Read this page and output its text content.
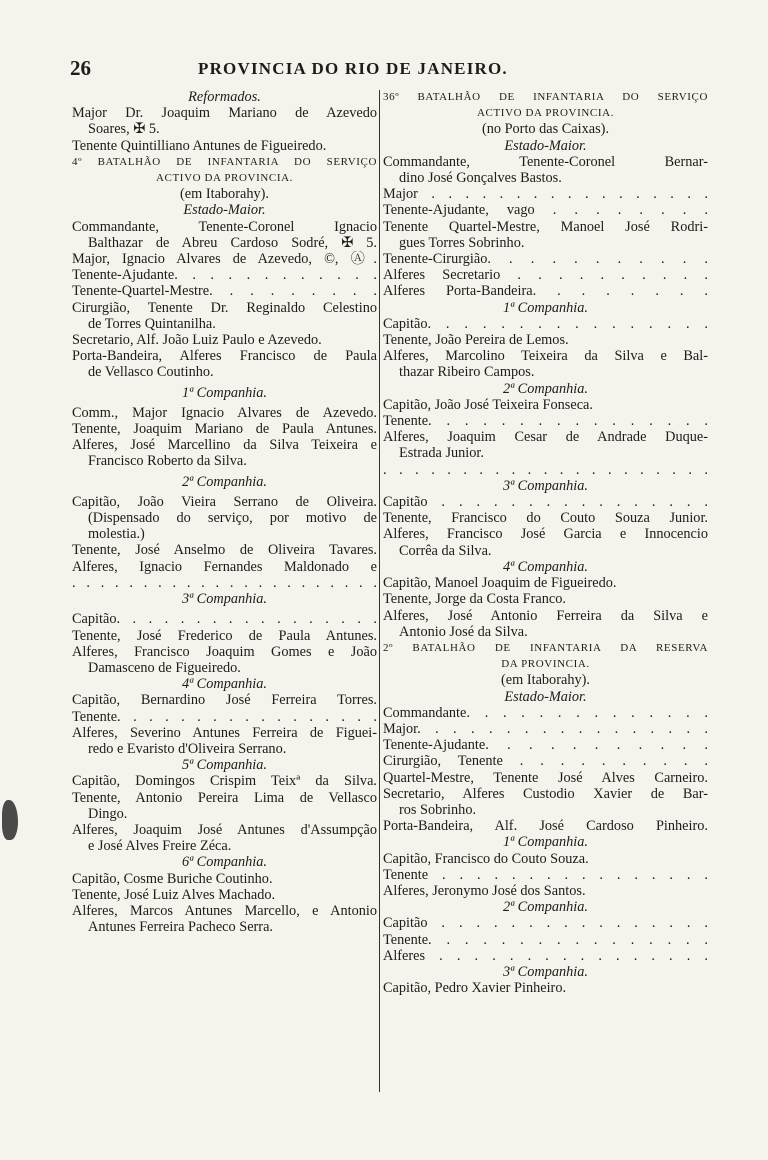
26	PROVINCIA DO RIO DE JANEIRO.
Reformados.
Major Dr. Joaquim Mariano de Azevedo
Soares, ✠ 5.
Tenente Quintilliano Antunes de Figueiredo.
4º BATALHÃO DE INFANTARIA DO SERVIÇO
ACTIVO DA PROVINCIA.
(em Itaborahy).
Estado-Maior.
Commandante, Tenente-Coronel Ignacio
Balthazar de Abreu Cardoso Sodré, ✠ 5.
Major, Ignacio Alvares de Azevedo, ©, Ⓐ.
Tenente-Ajudante. . . . . . . . . . . .
Tenente-Quartel-Mestre. . . . . . . . .
Cirurgião, Tenente Dr. Reginaldo Celestino
de Torres Quintanilha.
Secretario, Alf. João Luiz Paulo e Azevedo.
Porta-Bandeira, Alferes Francisco de Paula
de Vellasco Coutinho.
1ª Companhia.
Comm., Major Ignacio Alvares de Azevedo.
Tenente, Joaquim Mariano de Paula Antunes.
Alferes, José Marcellino da Silva Teixeira e
Francisco Roberto da Silva.
2ª Companhia.
Capitão, João Vieira Serrano de Oliveira.
(Dispensado do serviço, por motivo de
molestia.)
Tenente, José Anselmo de Oliveira Tavares.
Alferes, Ignacio Fernandes Maldonado e
. . . . . . . . . . . . . . . . . . . . . .
3ª Companhia.
Capitão. . . . . . . . . . . . . . . . .
Tenente, José Frederico de Paula Antunes.
Alferes, Francisco Joaquim Gomes e João
Damasceno de Figueiredo.
4ª Companhia.
Capitão, Bernardino José Ferreira Torres.
Tenente. . . . . . . . . . . . . . . . .
Alferes, Severino Antunes Ferreira de Figuei-
redo e Evaristo d'Oliveira Serrano.
5ª Companhia.
Capitão, Domingos Crispim Teixª da Silva.
Tenente, Antonio Pereira Lima de Vellasco
Dingo.
Alferes, Joaquim José Antunes d'Assumpção
e José Alves Freire Zéca.
6ª Companhia.
Capitão, Cosme Buriche Coutinho.
Tenente, José Luiz Alves Machado.
Alferes, Marcos Antunes Marcello, e Antonio
Antunes Ferreira Pacheco Serra.
36º BATALHÃO DE INFANTARIA DO SERVIÇO
ACTIVO DA PROVINCIA.
(no Porto das Caixas).
Estado-Maior.
Commandante, Tenente-Coronel Bernar-
dino José Gonçalves Bastos.
Major . . . . . . . . . . . . . . . . .
Tenente-Ajudante, vago . . . . . . . .
Tenente Quartel-Mestre, Manoel José Rodri-
gues Torres Sobrinho.
Tenente-Cirurgião. . . . . . . . . . .
Alferes Secretario . . . . . . . . . .
Alferes Porta-Bandeira. . . . . . . .
1ª Companhia.
Capitão. . . . . . . . . . . . . . . .
Tenente, João Pereira de Lemos.
Alferes, Marcolino Teixeira da Silva e Bal-
thazar Ribeiro Campos.
2ª Companhia.
Capitão, João José Teixeira Fonseca.
Tenente. . . . . . . . . . . . . . . .
Alferes, Joaquim Cesar de Andrade Duque-
Estrada Junior.
. . . . . . . . . . . . . . . . . . . . .
3ª Companhia.
Capitão . . . . . . . . . . . . . . . .
Tenente, Francisco do Couto Souza Junior.
Alferes, Francisco José Garcia e Innocencio
Corrêa da Silva.
4ª Companhia.
Capitão, Manoel Joaquim de Figueiredo.
Tenente, Jorge da Costa Franco.
Alferes, José Antonio Ferreira da Silva e
Antonio José da Silva.
2º BATALHÃO DE INFANTARIA DA RESERVA
DA PROVINCIA.
(em Itaborahy).
Estado-Maior.
Commandante. . . . . . . . . . . . . .
Major. . . . . . . . . . . . . . . . .
Tenente-Ajudante. . . . . . . . . . .
Cirurgião, Tenente . . . . . . . . . .
Quartel-Mestre, Tenente José Alves Carneiro.
Secretario, Alferes Custodio Xavier de Bar-
ros Sobrinho.
Porta-Bandeira, Alf. José Cardoso Pinheiro.
1ª Companhia.
Capitão, Francisco do Couto Souza.
Tenente . . . . . . . . . . . . . . . .
Alferes, Jeronymo José dos Santos.
2ª Companhia.
Capitão . . . . . . . . . . . . . . . .
Tenente. . . . . . . . . . . . . . . .
Alferes . . . . . . . . . . . . . . . .
3ª Companhia.
Capitão, Pedro Xavier Pinheiro.
